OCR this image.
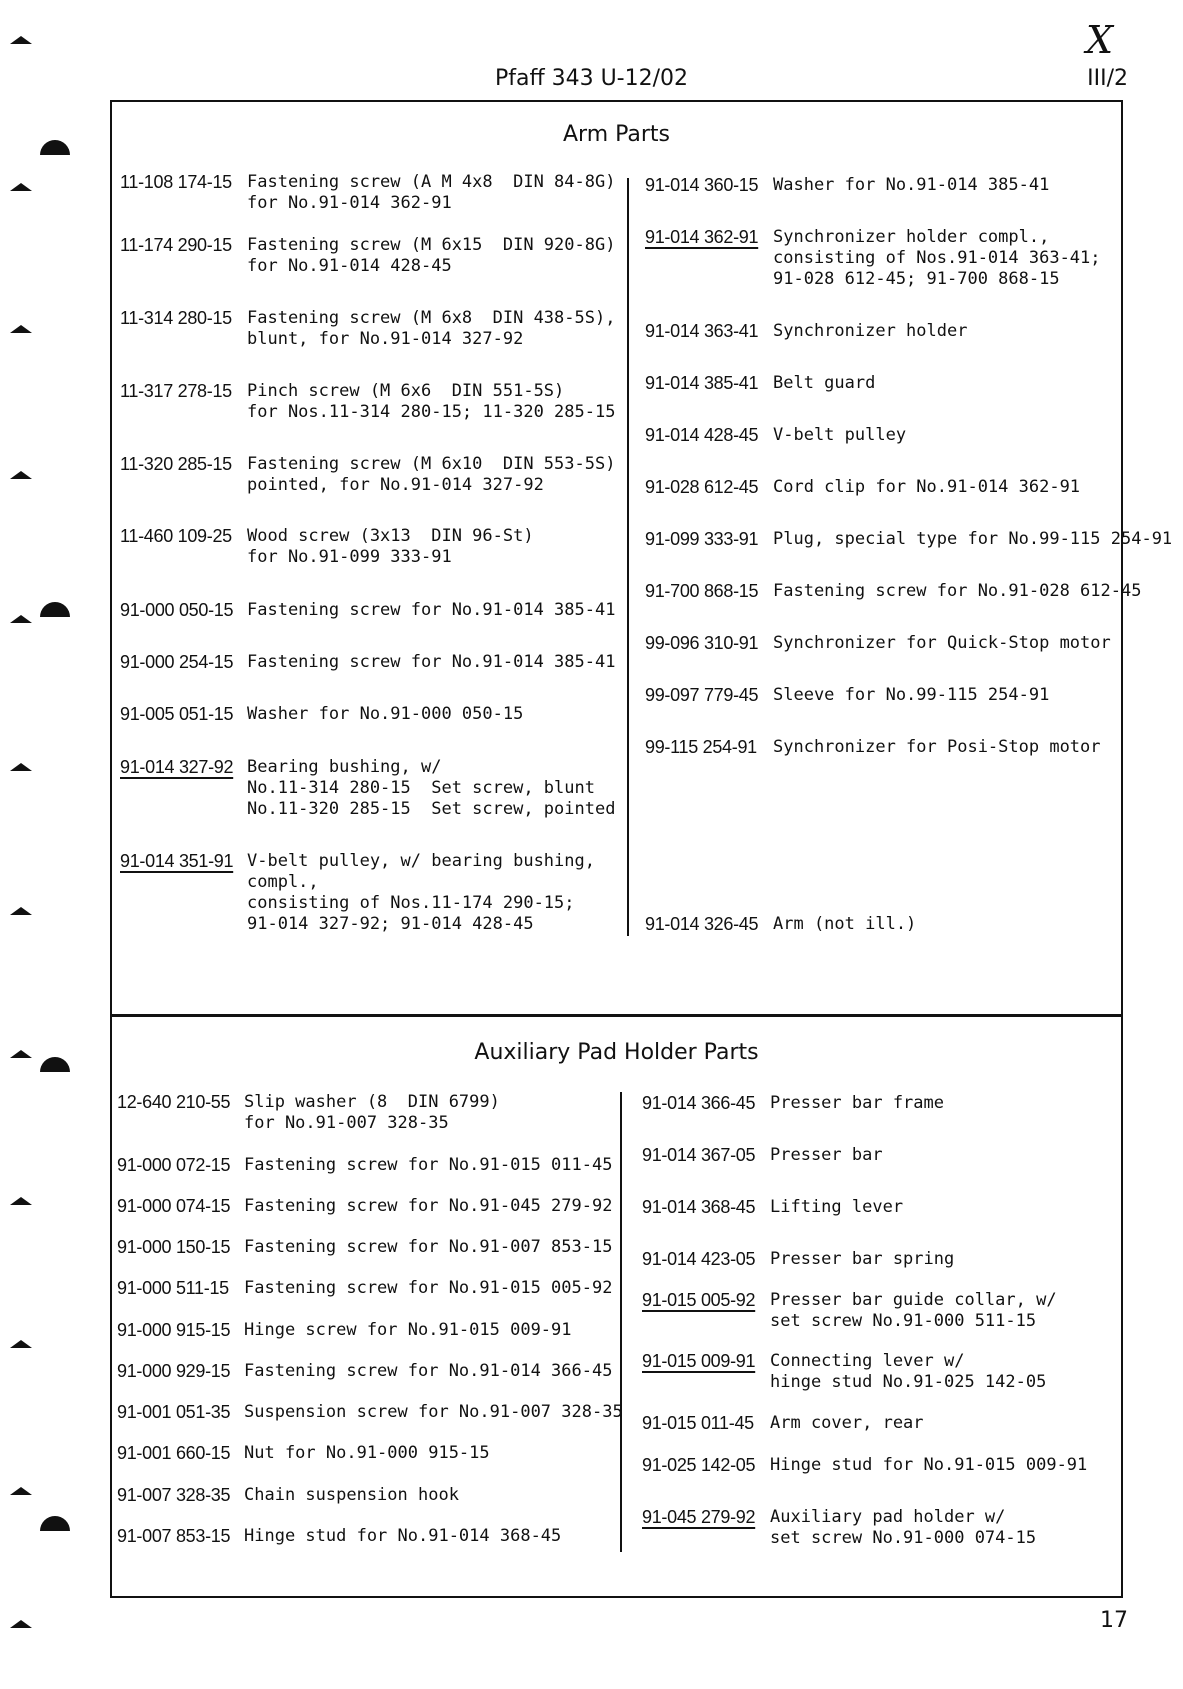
X
Pfaff 343 U-12/02	III/2
17
Arm Parts
Auxiliary Pad Holder Parts
11-108 174-15 Fastening screw (A M 4x8  DIN 84-8G)
for No.91-014 362-91
11-174 290-15 Fastening screw (M 6x15  DIN 920-8G)
for No.91-014 428-45
11-314 280-15 Fastening screw (M 6x8  DIN 438-5S),
blunt, for No.91-014 327-92
11-317 278-15 Pinch screw (M 6x6  DIN 551-5S)
for Nos.11-314 280-15; 11-320 285-15
11-320 285-15 Fastening screw (M 6x10  DIN 553-5S)
pointed, for No.91-014 327-92
11-460 109-25 Wood screw (3x13  DIN 96-St)
for No.91-099 333-91
91-000 050-15 Fastening screw for No.91-014 385-41
91-000 254-15 Fastening screw for No.91-014 385-41
91-005 051-15 Washer for No.91-000 050-15
91-014 327-92 Bearing bushing, w/
No.11-314 280-15  Set screw, blunt
No.11-320 285-15  Set screw, pointed
91-014 351-91 V-belt pulley, w/ bearing bushing,
compl.,
consisting of Nos.11-174 290-15;
91-014 327-92; 91-014 428-45
91-014 360-15 Washer for No.91-014 385-41
91-014 362-91 Synchronizer holder compl.,
consisting of Nos.91-014 363-41;
91-028 612-45; 91-700 868-15
91-014 363-41 Synchronizer holder
91-014 385-41 Belt guard
91-014 428-45 V-belt pulley
91-028 612-45 Cord clip for No.91-014 362-91
91-099 333-91 Plug, special type for No.99-115 254-91
91-700 868-15 Fastening screw for No.91-028 612-45
99-096 310-91 Synchronizer for Quick-Stop motor
99-097 779-45 Sleeve for No.99-115 254-91
99-115 254-91 Synchronizer for Posi-Stop motor
91-014 326-45 Arm (not ill.)
12-640 210-55 Slip washer (8  DIN 6799)
for No.91-007 328-35
91-000 072-15 Fastening screw for No.91-015 011-45
91-000 074-15 Fastening screw for No.91-045 279-92
91-000 150-15 Fastening screw for No.91-007 853-15
91-000 511-15 Fastening screw for No.91-015 005-92
91-000 915-15 Hinge screw for No.91-015 009-91
91-000 929-15 Fastening screw for No.91-014 366-45
91-001 051-35 Suspension screw for No.91-007 328-35
91-001 660-15 Nut for No.91-000 915-15
91-007 328-35 Chain suspension hook
91-007 853-15 Hinge stud for No.91-014 368-45
91-014 366-45 Presser bar frame
91-014 367-05 Presser bar
91-014 368-45 Lifting lever
91-014 423-05 Presser bar spring
91-015 005-92 Presser bar guide collar, w/
set screw No.91-000 511-15
91-015 009-91 Connecting lever w/
hinge stud No.91-025 142-05
91-015 011-45 Arm cover, rear
91-025 142-05 Hinge stud for No.91-015 009-91
91-045 279-92 Auxiliary pad holder w/
set screw No.91-000 074-15
